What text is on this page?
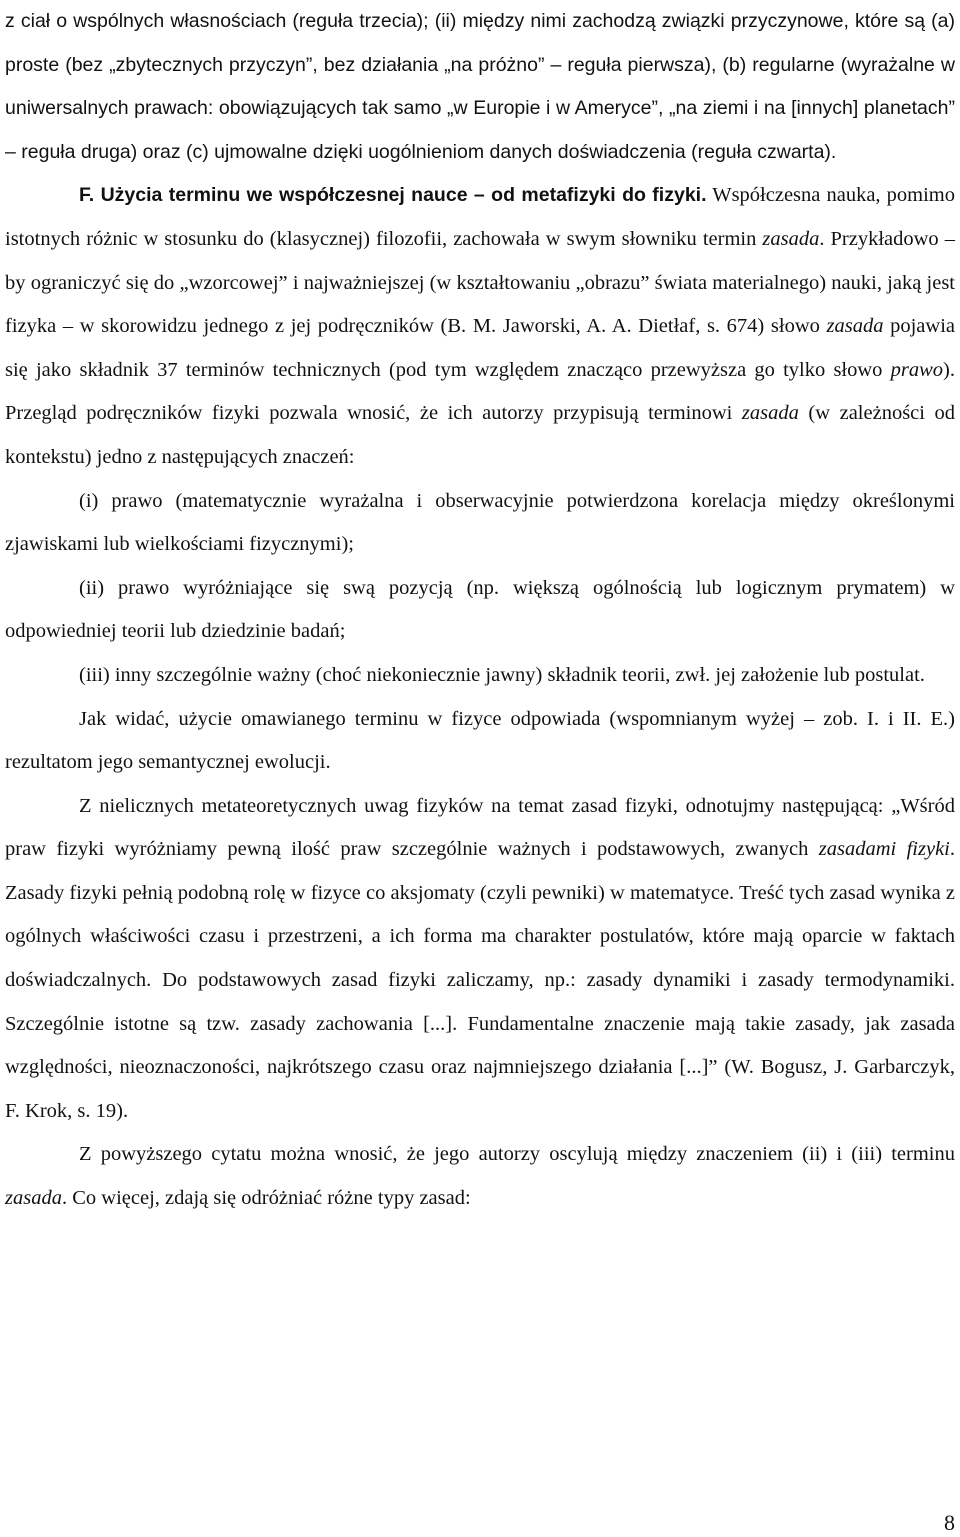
z ciał o wspólnych własnościach (reguła trzecia); (ii) między nimi zachodzą związki przyczynowe, które są (a) proste (bez „zbytecznych przyczyn”, bez działania „na próżno” – reguła pierwsza), (b) regularne (wyrażalne w uniwersalnych prawach: obowiązujących tak samo „w Europie i w Ameryce”, „na ziemi i na [innych] planetach” – reguła druga) oraz (c) ujmowalne dzięki uogólnieniom danych doświadczenia (reguła czwarta).

F. Użycia terminu we współczesnej nauce – od metafizyki do fizyki. Współczesna nauka, pomimo istotnych różnic w stosunku do (klasycznej) filozofii, zachowała w swym słowniku termin zasada. Przykładowo – by ograniczyć się do „wzorcowej” i najważniejszej (w kształtowaniu „obrazu” świata materialnego) nauki, jaką jest fizyka – w skorowidzu jednego z jej podręczników (B. M. Jaworski, A. A. Dietłaf, s. 674) słowo zasada pojawia się jako składnik 37 terminów technicznych (pod tym względem znacząco przewyższa go tylko słowo prawo). Przegląd podręczników fizyki pozwala wnosić, że ich autorzy przypisują terminowi zasada (w zależności od kontekstu) jedno z następujących znaczeń:

(i) prawo (matematycznie wyrażalna i obserwacyjnie potwierdzona korelacja między określonymi zjawiskami lub wielkościami fizycznymi);

(ii) prawo wyróżniające się swą pozycją (np. większą ogólnością lub logicznym prymatem) w odpowiedniej teorii lub dziedzinie badań;

(iii) inny szczególnie ważny (choć niekoniecznie jawny) składnik teorii, zwł. jej założenie lub postulat.

Jak widać, użycie omawianego terminu w fizyce odpowiada (wspomnianym wyżej – zob. I. i II. E.) rezultatom jego semantycznej ewolucji.

Z nielicznych metateoretycznych uwag fizyków na temat zasad fizyki, odnotujmy następującą: „Wśród praw fizyki wyróżniamy pewną ilość praw szczególnie ważnych i podstawowych, zwanych zasadami fizyki. Zasady fizyki pełnią podobną rolę w fizyce co aksjomaty (czyli pewniki) w matematyce. Treść tych zasad wynika z ogólnych właściwości czasu i przestrzeni, a ich forma ma charakter postulatów, które mają oparcie w faktach doświadczalnych. Do podstawowych zasad fizyki zaliczamy, np.: zasady dynamiki i zasady termodynamiki. Szczególnie istotne są tzw. zasady zachowania [...]. Fundamentalne znaczenie mają takie zasady, jak zasada względności, nieoznaczoności, najkrótszego czasu oraz najmniejszego działania [...]” (W. Bogusz, J. Garbarczyk, F. Krok, s. 19).

Z powyższego cytatu można wnosić, że jego autorzy oscylują między znaczeniem (ii) i (iii) terminu zasada. Co więcej, zdają się odróżniać różne typy zasad:

8
